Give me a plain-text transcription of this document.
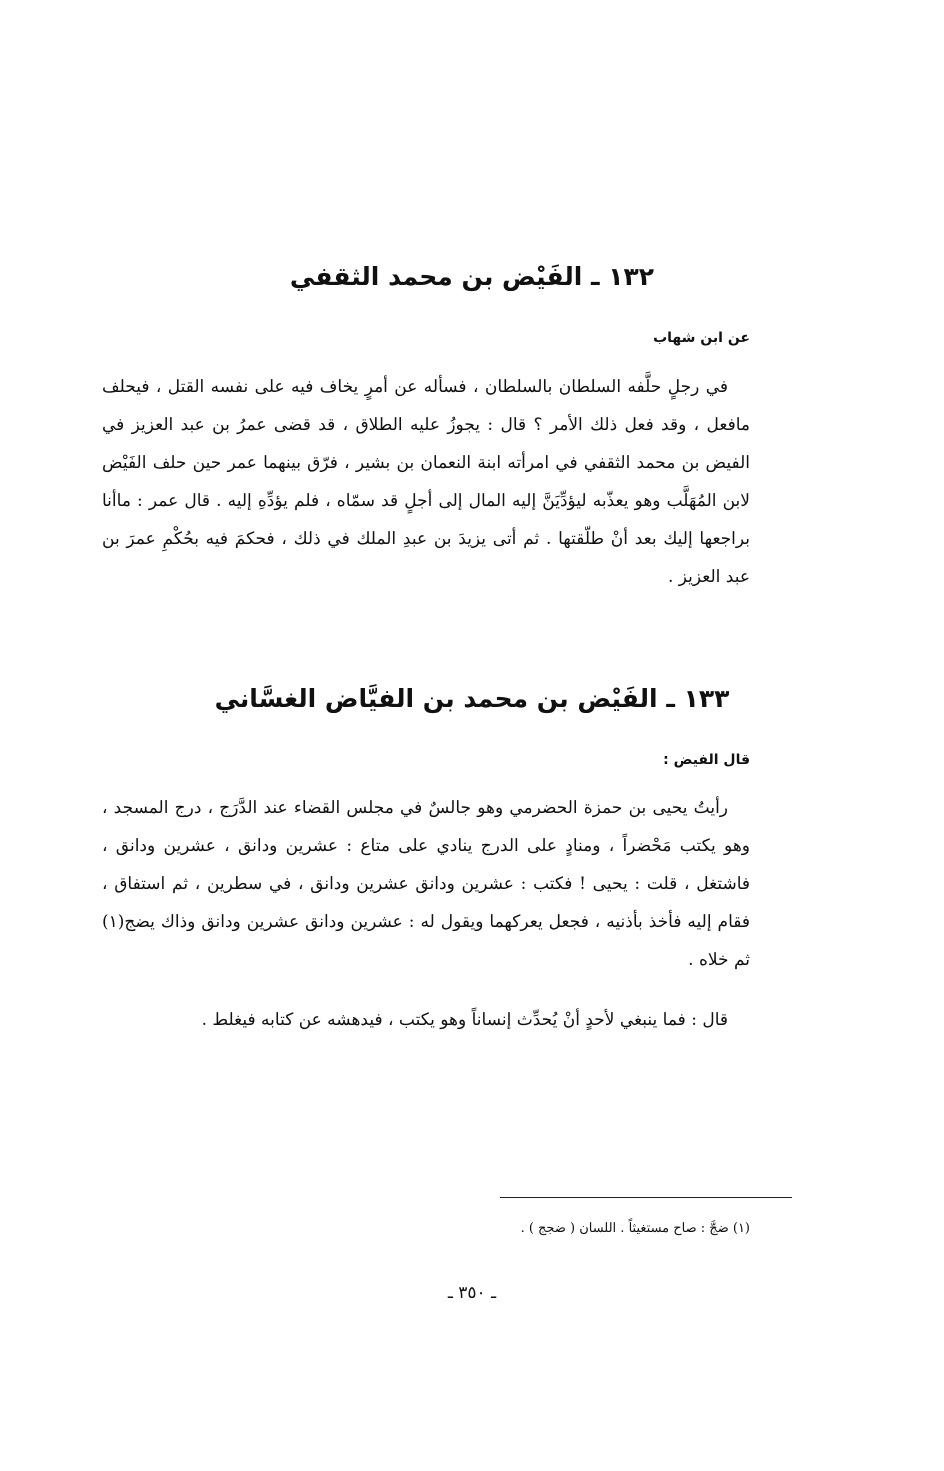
١٣٢ ـ الفَيْض بن محمد الثقفي
عن ابن شهاب

في رجلٍ حلَّفه السلطان بالسلطان ، فسأله عن أمرٍ يخاف فيه على نفسه القتل ، فيحلف مافعل ، وقد فعل ذلك الأمر ؟ قال : يجوزُ عليه الطلاق ، قد قضى عمرُ بن عبد العزيز في الفيض بن محمد الثقفي في امرأته ابنة النعمان بن بشير ، فرّق بينهما عمر حين حلف الفَيْض لابن المُهَلَّب وهو يعذّبه ليؤدِّيَنَّ إليه المال إلى أجلٍ قد سمّاه ، فلم يؤدِّهِ إليه . قال عمر : ماأنا براجعها إليك بعد أنْ طلّقتها . ثم أتى يزيدَ بن عبدِ الملك في ذلك ، فحكمَ فيه بحُكْمِ عمرَ بن عبد العزيز .

١٣٣ ـ الفَيْض بن محمد بن الفيَّاض الغسَّاني
قال الفيض :

رأيتُ يحيى بن حمزة الحضرمي وهو جالسٌ في مجلس القضاء عند الدَّرَج ، درج المسجد ، وهو يكتب مَحْضراً ، ومنادٍ على الدرج ينادي على متاع : عشرين ودانق ، عشرين ودانق ، فاشتغل ، قلت : يحيى ! فكتب : عشرين ودانق عشرين ودانق ، في سطرين ، ثم استفاق ، فقام إليه فأخذ بأذنيه ، فجعل يعركهما ويقول له : عشرين ودانق عشرين ودانق وذاك يضج(١) ثم خلاه .

قال : فما ينبغي لأحدٍ أنْ يُحدِّث إنساناً وهو يكتب ، فيدهشه عن كتابه فيغلط .
(١) ضجَّ : صاح مستغيثاً . اللسان ( ضجج ) .
ـ ٣٥٠ ـ
